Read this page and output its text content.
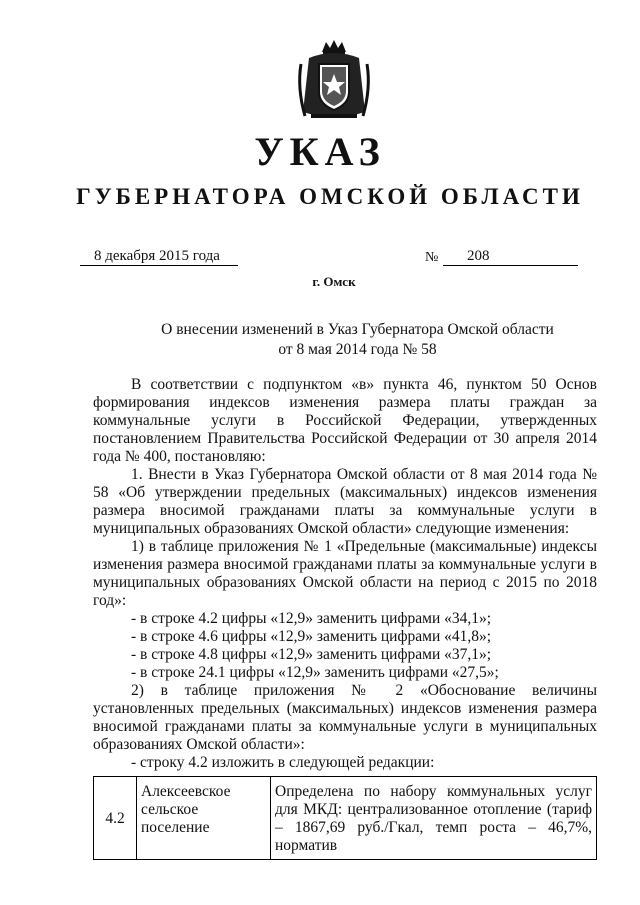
УКАЗ
ГУБЕРНАТОРА ОМСКОЙ ОБЛАСТИ
8 декабря 2015 года	№	208
г. Омск
О внесении изменений в Указ Губернатора Омской области
от 8 мая 2014 года № 58

В соответствии с подпунктом «в» пункта 46, пунктом 50 Основ формирования индексов изменения размера платы граждан за коммунальные услуги в Российской Федерации, утвержденных постановлением Правительства Российской Федерации от 30 апреля 2014 года № 400, постановляю:

1. Внести в Указ Губернатора Омской области от 8 мая 2014 года № 58 «Об утверждении предельных (максимальных) индексов изменения размера вносимой гражданами платы за коммунальные услуги в муниципальных образованиях Омской области» следующие изменения:

1) в таблице приложения № 1 «Предельные (максимальные) индексы изменения размера вносимой гражданами платы за коммунальные услуги в муниципальных образованиях Омской области на период с 2015 по 2018 год»:

- в строке 4.2 цифры «12,9» заменить цифрами «34,1»;

- в строке 4.6 цифры «12,9» заменить цифрами «41,8»;

- в строке 4.8 цифры «12,9» заменить цифрами «37,1»;

- в строке 24.1 цифры «12,9» заменить цифрами «27,5»;

2) в таблице приложения № 2 «Обоснование величины установленных предельных (максимальных) индексов изменения размера вносимой гражданами платы за коммунальные услуги в муниципальных образованиях Омской области»:

- строку 4.2 изложить в следующей редакции:

4.2	Алексеевское сельское поселение	Определена по набору коммунальных услуг для МКД: централизованное отопление (тариф – 1867,69 руб./Гкал, темп роста – 46,7%, норматив
